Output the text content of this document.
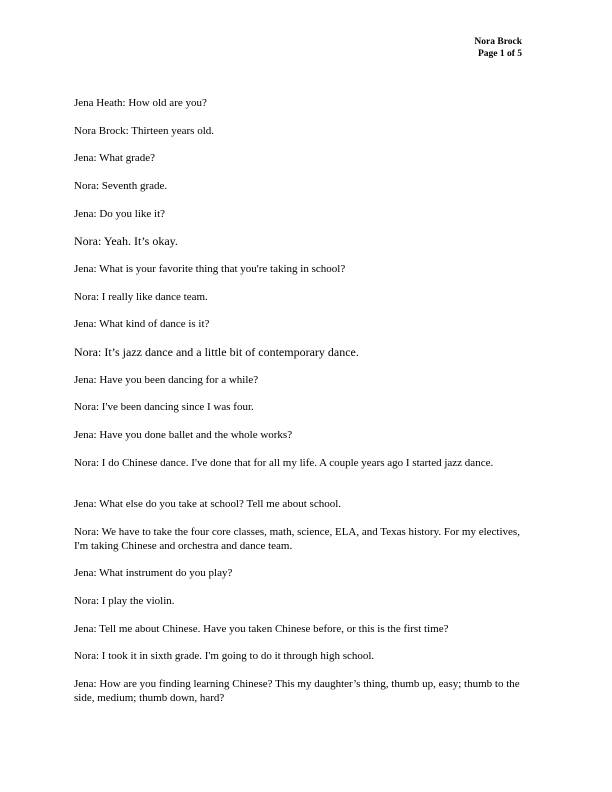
Nora Brock
Page 1 of 5

Jena Heath: How old are you?

Nora Brock: Thirteen years old.

Jena: What grade?

Nora: Seventh grade.

Jena: Do you like it?

Nora: Yeah. It’s okay.

Jena: What is your favorite thing that you're taking in school?

Nora: I really like dance team.

Jena: What kind of dance is it?

Nora: It’s jazz dance and a little bit of contemporary dance.

Jena: Have you been dancing for a while?

Nora: I've been dancing since I was four.

Jena: Have you done ballet and the whole works?

Nora: I do Chinese dance. I've done that for all my life. A couple years ago I started jazz dance.

Jena: What else do you take at school? Tell me about school.

Nora: We have to take the four core classes, math, science, ELA, and Texas history. For my electives, I'm taking Chinese and orchestra and dance team.

Jena: What instrument do you play?

Nora: I play the violin.

Jena: Tell me about Chinese. Have you taken Chinese before, or this is the first time?

Nora: I took it in sixth grade. I'm going to do it through high school.

Jena: How are you finding learning Chinese? This my daughter’s thing, thumb up, easy; thumb to the side, medium; thumb down, hard?
